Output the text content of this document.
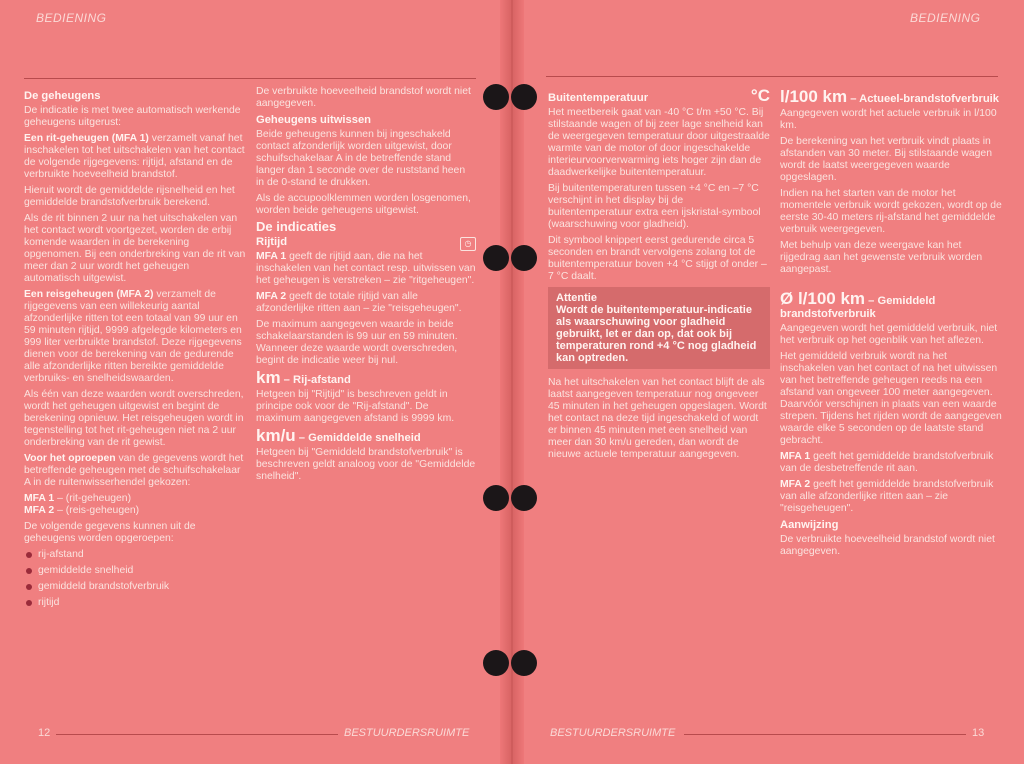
BEDIENING
De geheugens

De indicatie is met twee automatisch werkende geheugens uitgerust:

Een rit-geheugen (MFA 1) verzamelt vanaf het inschakelen tot het uitschakelen van het contact de volgende rijgegevens: rijtijd, afstand en de verbruikte hoeveelheid brandstof.

Hieruit wordt de gemiddelde rijsnelheid en het gemiddelde brandstofverbruik berekend.

Als de rit binnen 2 uur na het uitschakelen van het contact wordt voortgezet, worden de erbij komende waarden in de berekening opgenomen. Bij een onderbreking van de rit van meer dan 2 uur wordt het geheugen automatisch uitgewist.

Een reisgeheugen (MFA 2) verzamelt de rijgegevens van een willekeurig aantal afzonderlijke ritten tot een totaal van 99 uur en 59 minuten rijtijd, 9999 afgelegde kilometers en 999 liter verbruikte brandstof. Deze rijgegevens dienen voor de berekening van de gedurende alle afzonderlijke ritten bereikte gemiddelde verbruiks- en snelheidswaarden.

Als één van deze waarden wordt overschreden, wordt het geheugen uitgewist en begint de berekening opnieuw. Het reisgeheugen wordt in tegenstelling tot het rit-geheugen niet na 2 uur onderbreking van de rit gewist.

Voor het oproepen van de gegevens wordt het betreffende geheugen met de schuifschakelaar A in de ruitenwisserhendel gekozen:

MFA 1 – (rit-geheugen)

MFA 2 – (reis-geheugen)

De volgende gegevens kunnen uit de geheugens worden opgeroepen:

rij-afstand
gemiddelde snelheid
gemiddeld brandstofverbruik
rijtijd

De verbruikte hoeveelheid brandstof wordt niet aangegeven.

Geheugens uitwissen

Beide geheugens kunnen bij ingeschakeld contact afzonderlijk worden uitgewist, door schuifschakelaar A in de betreffende stand langer dan 1 seconde over de ruststand heen in de 0-stand te drukken.

Als de accupoolklemmen worden losgenomen, worden beide geheugens uitgewist.

De indicaties
Rijtijd	◷

MFA 1 geeft de rijtijd aan, die na het inschakelen van het contact resp. uitwissen van het geheugen is verstreken – zie "ritgeheugen".

MFA 2 geeft de totale rijtijd van alle afzonderlijke ritten aan – zie "reisgeheugen".

De maximum aangegeven waarde in beide schakelaarstanden is 99 uur en 59 minuten. Wanneer deze waarde wordt overschreden, begint de indicatie weer bij nul.

km – Rij-afstand

Hetgeen bij "Rijtijd" is beschreven geldt in principe ook voor de "Rij-afstand". De maximum aangegeven afstand is 9999 km.

km/u – Gemiddelde snelheid

Hetgeen bij "Gemiddeld brandstofverbruik" is beschreven geldt analoog voor de "Gemiddelde snelheid".

12	BESTUURDERSRUIMTE
BEDIENING
Buitentemperatuur	°C

Het meetbereik gaat van -40 °C t/m +50 °C. Bij stilstaande wagen of bij zeer lage snelheid kan de weergegeven temperatuur door uitgestraalde warmte van de motor of door ingeschakelde interieurvoorverwarming iets hoger zijn dan de daadwerkelijke buitentemperatuur.

Bij buitentemperaturen tussen +4 °C en –7 °C verschijnt in het display bij de buitentemperatuur extra een ijskristal-symbool (waarschuwing voor gladheid).

Dit symbool knippert eerst gedurende circa 5 seconden en brandt vervolgens zolang tot de buitentemperatuur boven +4 °C stijgt of onder –7 °C daalt.

Attentie
Wordt de buitentemperatuur-indicatie als waarschuwing voor gladheid gebruikt, let er dan op, dat ook bij temperaturen rond +4 °C nog gladheid kan optreden.

Na het uitschakelen van het contact blijft de als laatst aangegeven temperatuur nog ongeveer 45 minuten in het geheugen opgeslagen. Wordt het contact na deze tijd ingeschakeld of wordt er binnen 45 minuten met een snelheid van meer dan 30 km/u gereden, dan wordt de nieuwe actuele temperatuur aangegeven.

l/100 km – Actueel-brandstofverbruik

Aangegeven wordt het actuele verbruik in l/100 km.

De berekening van het verbruik vindt plaats in afstanden van 30 meter. Bij stilstaande wagen wordt de laatst weergegeven waarde opgeslagen.

Indien na het starten van de motor het momentele verbruik wordt gekozen, wordt op de eerste 30-40 meters rij-afstand het gemiddelde verbruik weergegeven.

Met behulp van deze weergave kan het rijgedrag aan het gewenste verbruik worden aangepast.

Ø l/100 km – Gemiddeld brandstofverbruik

Aangegeven wordt het gemiddeld verbruik, niet het verbruik op het ogenblik van het aflezen.

Het gemiddeld verbruik wordt na het inschakelen van het contact of na het uitwissen van het betreffende geheugen reeds na een afstand van ongeveer 100 meter aangegeven. Daarvóór verschijnen in plaats van een waarde strepen. Tijdens het rijden wordt de aangegeven waarde elke 5 seconden op de laatste stand gebracht.

MFA 1 geeft het gemiddelde brandstofverbruik van de desbetreffende rit aan.

MFA 2 geeft het gemiddelde brandstofverbruik van alle afzonderlijke ritten aan – zie "reisgeheugen".

Aanwijzing

De verbruikte hoeveelheid brandstof wordt niet aangegeven.

BESTUURDERSRUIMTE	13
